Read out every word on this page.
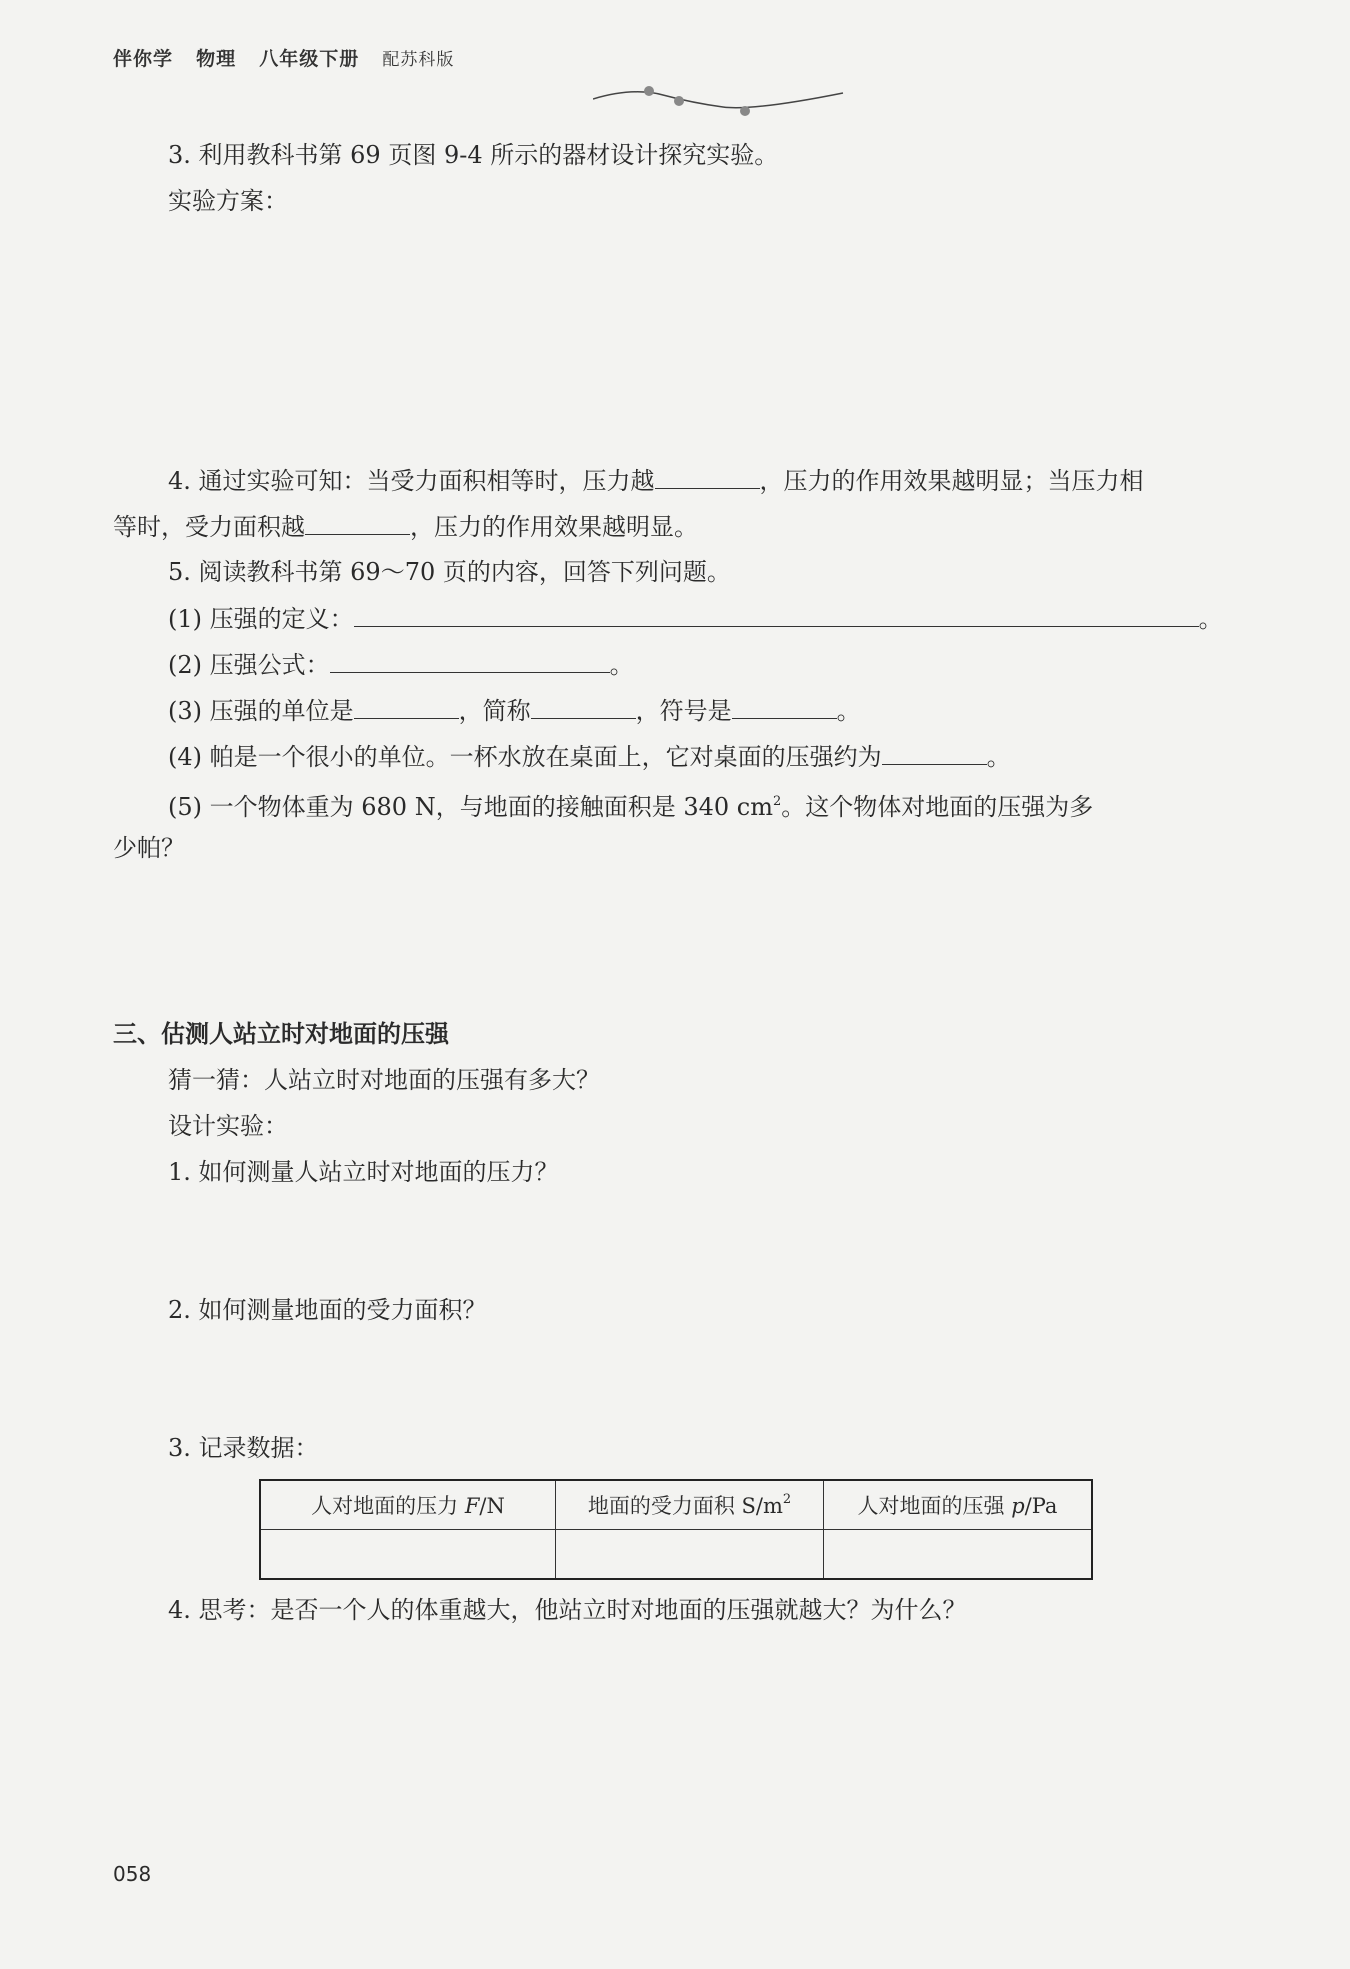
伴你学 物理 八年级下册 配苏科版
3. 利用教科书第 69 页图 9-4 所示的器材设计探究实验。
实验方案：
4. 通过实验可知：当受力面积相等时，压力越	，压力的作用效果越明显；当压力相
等时，受力面积越	，压力的作用效果越明显。
5. 阅读教科书第 69～70 页的内容，回答下列问题。
(1) 压强的定义：	。
(2) 压强公式：	。
(3) 压强的单位是	，简称	，符号是	。
(4) 帕是一个很小的单位。一杯水放在桌面上，它对桌面的压强约为	。
(5) 一个物体重为 680 N，与地面的接触面积是 340 $cm^2$。这个物体对地面的压强为多
少帕？
三、估测人站立时对地面的压强
猜一猜：人站立时对地面的压强有多大？
设计实验：
1. 如何测量人站立时对地面的压力？
2. 如何测量地面的受力面积？
3. 记录数据：
人对地面的压力 F/N	地面的受力面积 $S/m^2$	人对地面的压强 p/Pa

4. 思考：是否一个人的体重越大，他站立时对地面的压强就越大？为什么？
058
